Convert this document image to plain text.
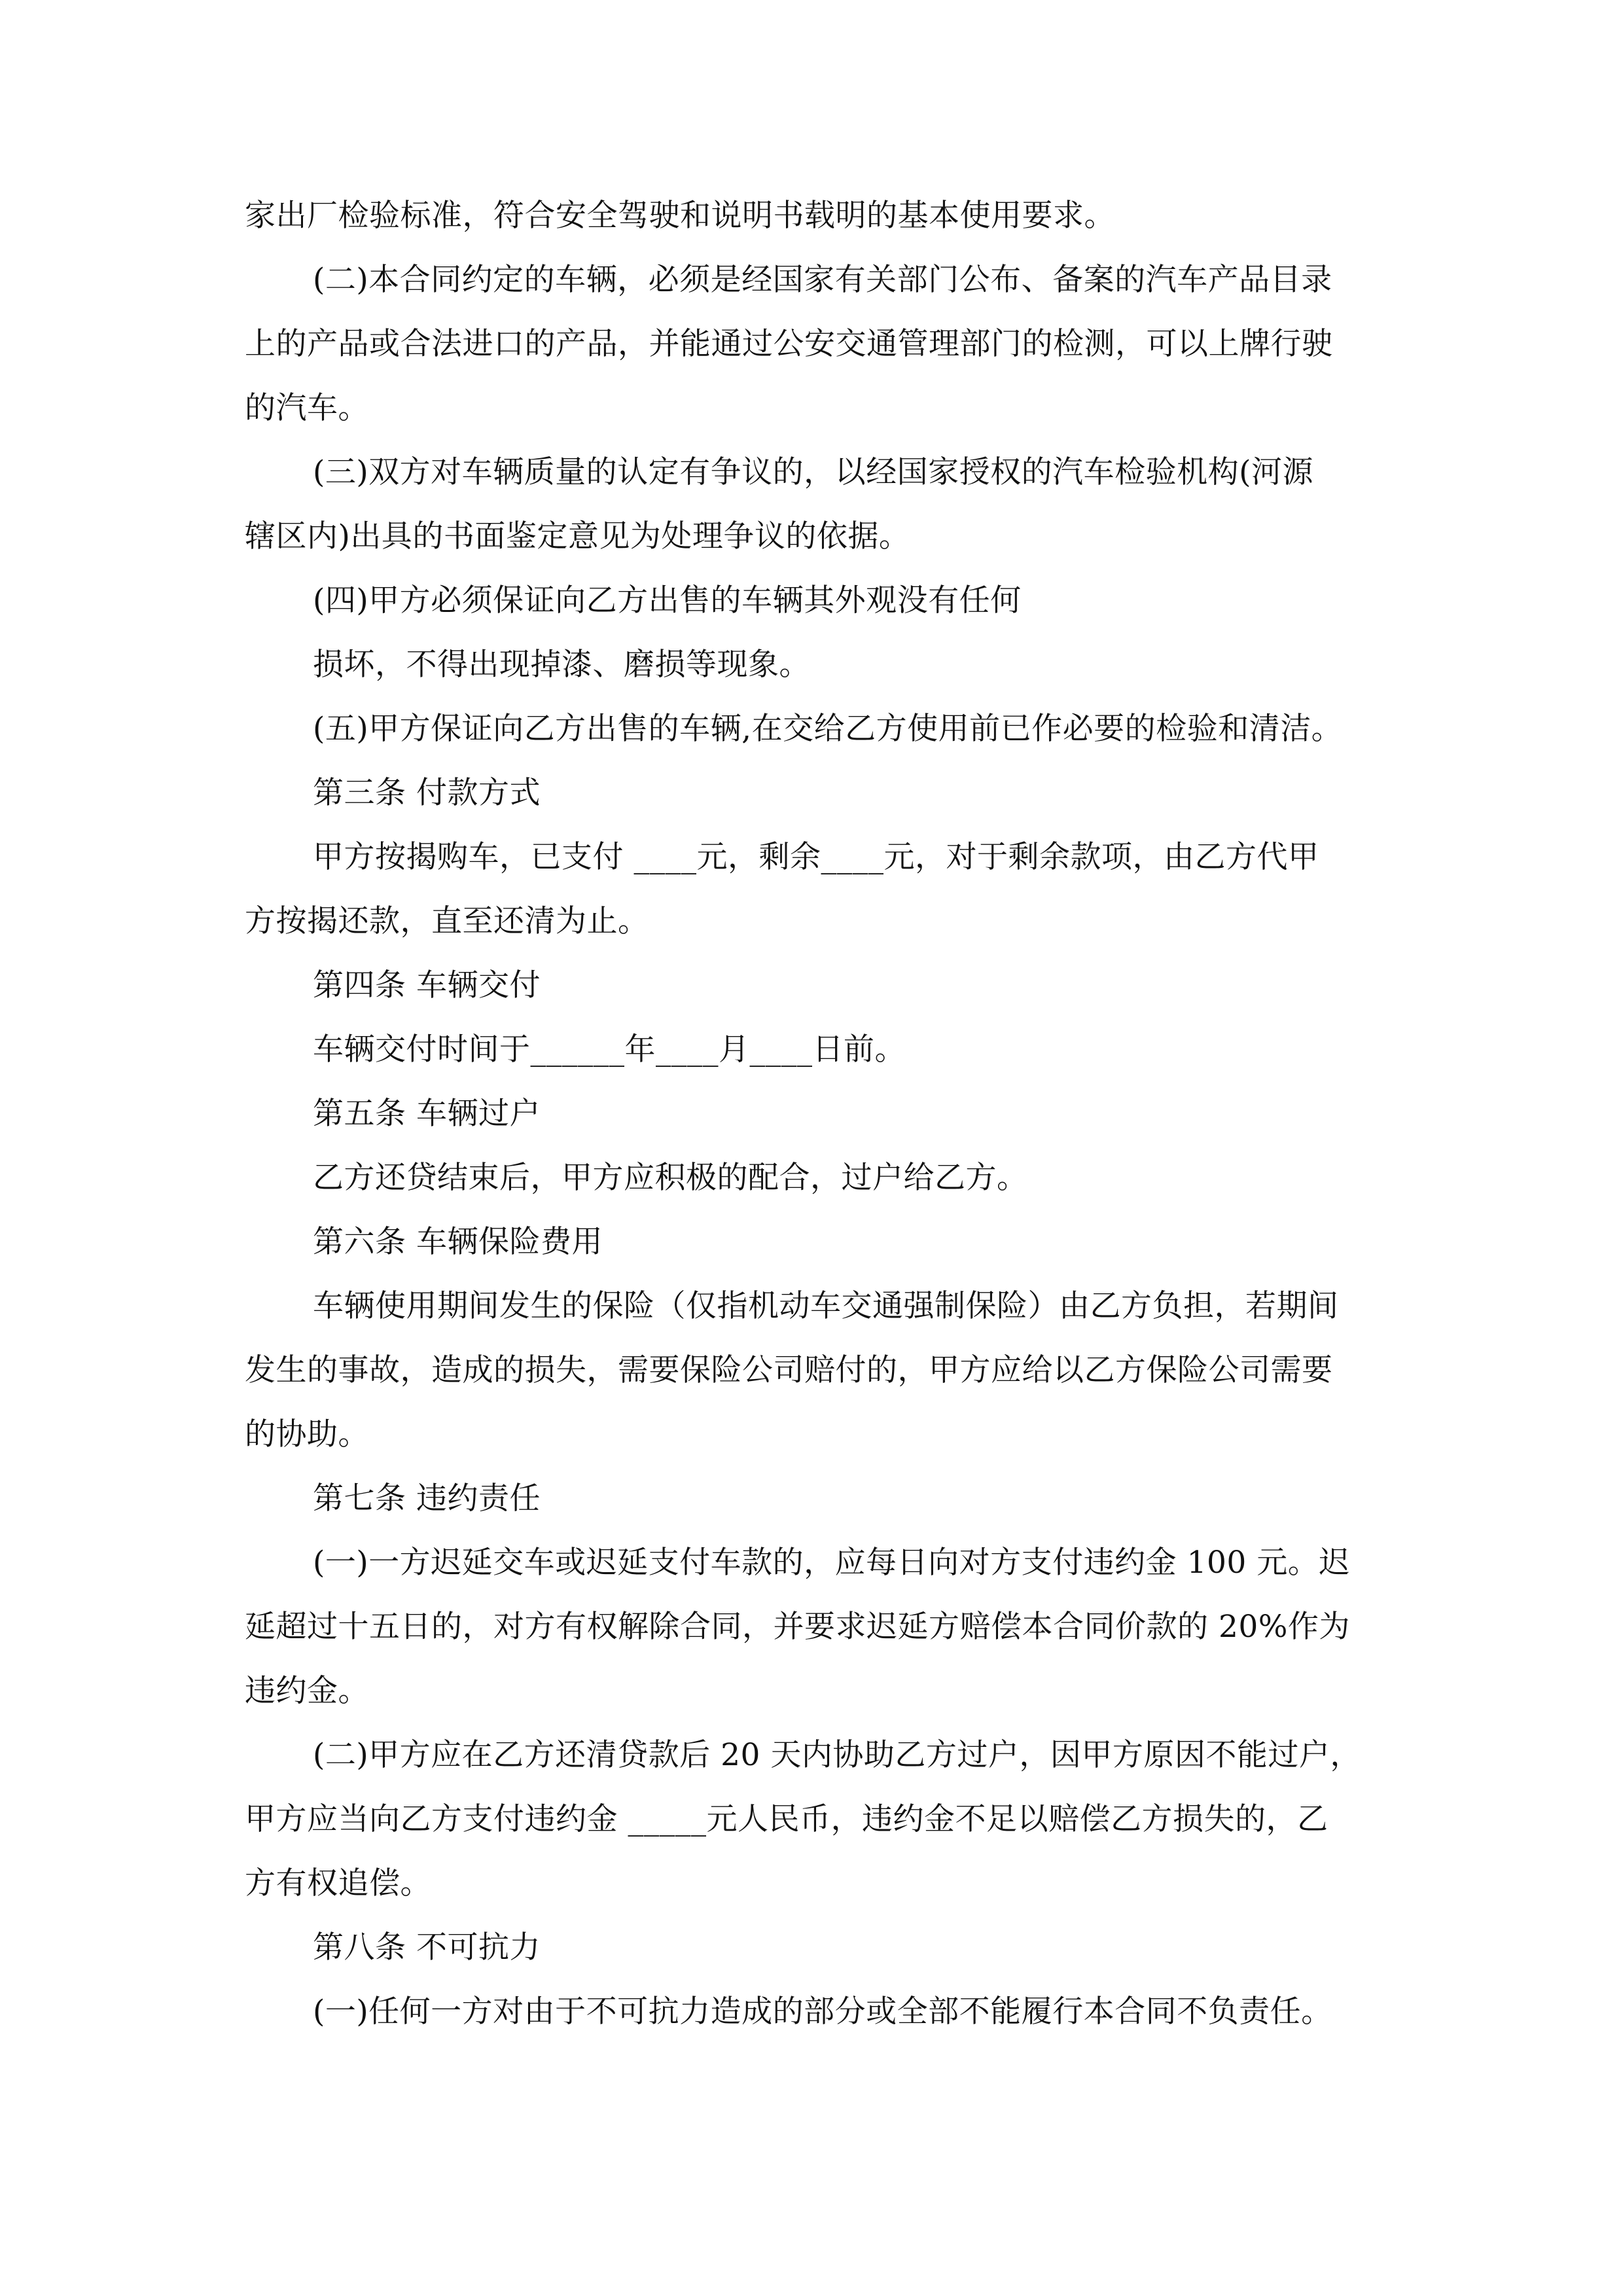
家出厂检验标准，符合安全驾驶和说明书载明的基本使用要求。
(二)本合同约定的车辆，必须是经国家有关部门公布、备案的汽车产品目录
上的产品或合法进口的产品，并能通过公安交通管理部门的检测，可以上牌行驶
的汽车。
(三)双方对车辆质量的认定有争议的，以经国家授权的汽车检验机构(河源
辖区内)出具的书面鉴定意见为处理争议的依据。
(四)甲方必须保证向乙方出售的车辆其外观没有任何
损坏，不得出现掉漆、磨损等现象。
(五)甲方保证向乙方出售的车辆,在交给乙方使用前已作必要的检验和清洁。
第三条 付款方式
甲方按揭购车，已支付 ____元，剩余____元，对于剩余款项，由乙方代甲
方按揭还款，直至还清为止。
第四条 车辆交付
车辆交付时间于______年____月____日前。
第五条 车辆过户
乙方还贷结束后，甲方应积极的配合，过户给乙方。
第六条 车辆保险费用
车辆使用期间发生的保险（仅指机动车交通强制保险）由乙方负担，若期间
发生的事故，造成的损失，需要保险公司赔付的，甲方应给以乙方保险公司需要
的协助。
第七条 违约责任
(一)一方迟延交车或迟延支付车款的，应每日向对方支付违约金 100 元。迟
延超过十五日的，对方有权解除合同，并要求迟延方赔偿本合同价款的 20%作为
违约金。
(二)甲方应在乙方还清贷款后 20 天内协助乙方过户，因甲方原因不能过户，
甲方应当向乙方支付违约金 _____元人民币，违约金不足以赔偿乙方损失的，乙
方有权追偿。
第八条 不可抗力
(一)任何一方对由于不可抗力造成的部分或全部不能履行本合同不负责任。
